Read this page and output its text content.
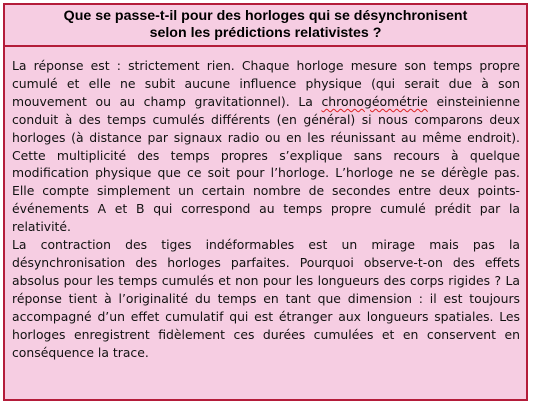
Que se passe-t-il pour des horloges qui se désynchronisent

selon les prédictions relativistes ?

La réponse est : strictement rien. Chaque horloge mesure son temps propre cumulé et elle ne subit aucune influence physique (qui serait due à son mouvement ou au champ gravitationnel). La chronogéométrie einsteinienne conduit à des temps cumulés différents (en général) si nous comparons deux horloges (à distance par signaux radio ou en les réunissant au même endroit). Cette multiplicité des temps propres s’explique sans recours à quelque modification physique que ce soit pour l’horloge. L’horloge ne se dérègle pas. Elle compte simplement un certain nombre de secondes entre deux points-événements A et B qui correspond au temps propre cumulé prédit par la relativité.

La contraction des tiges indéformables est un mirage mais pas la désynchronisation des horloges parfaites. Pourquoi observe-t-on des effets absolus pour les temps cumulés et non pour les longueurs des corps rigides ? La réponse tient à l’originalité du temps en tant que dimension : il est toujours accompagné d’un effet cumulatif qui est étranger aux longueurs spatiales. Les horloges enregistrent fidèlement ces durées cumulées et en conservent en conséquence la trace.
